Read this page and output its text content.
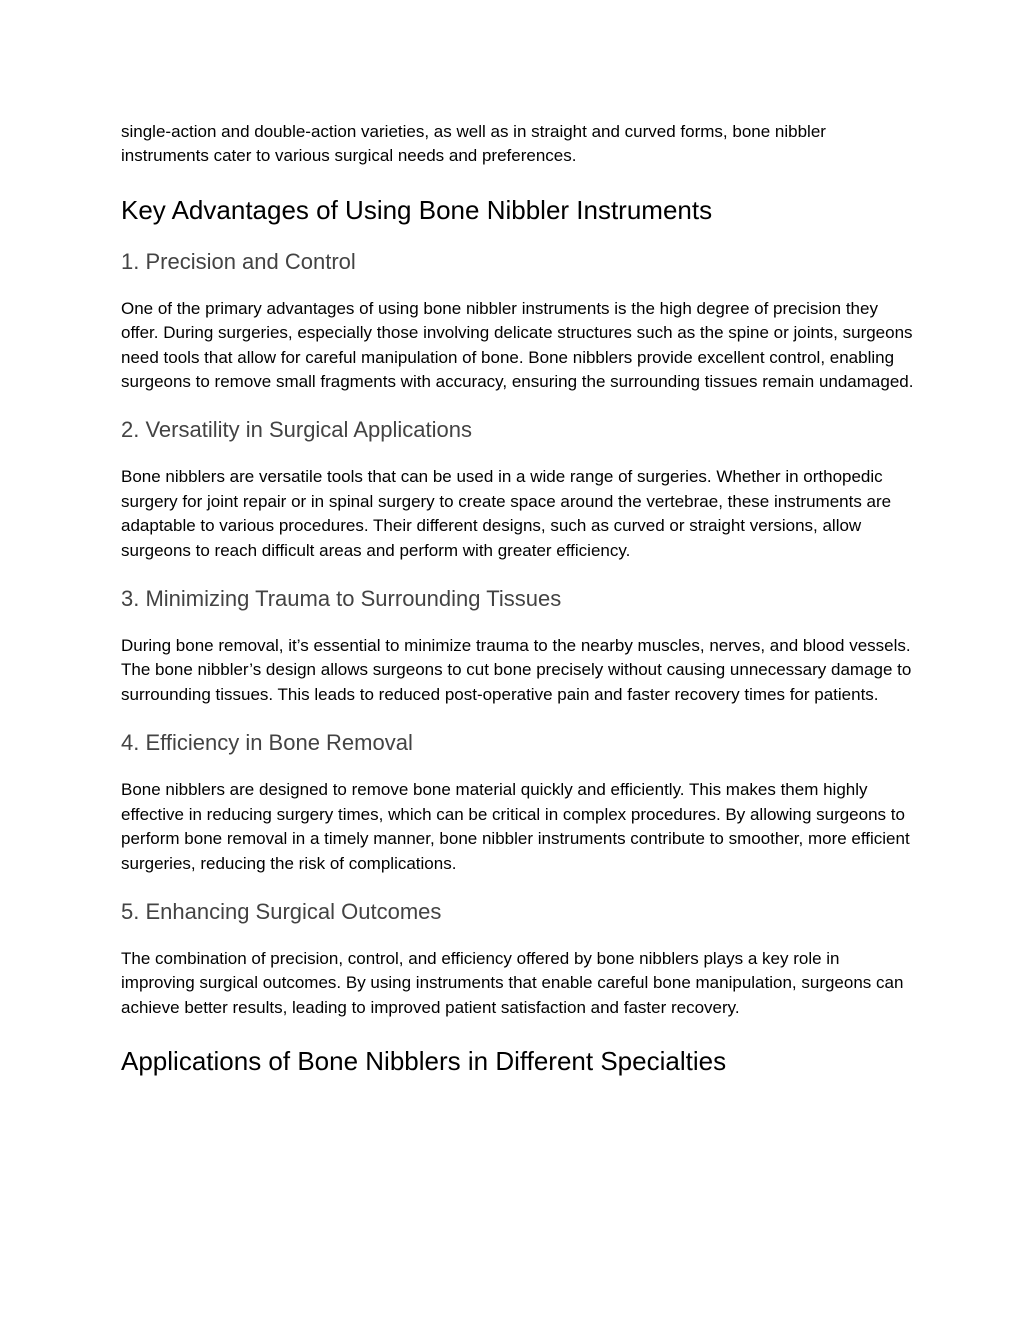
single-action and double-action varieties, as well as in straight and curved forms, bone nibbler instruments cater to various surgical needs and preferences.

Key Advantages of Using Bone Nibbler Instruments
1. Precision and Control

One of the primary advantages of using bone nibbler instruments is the high degree of precision they offer. During surgeries, especially those involving delicate structures such as the spine or joints, surgeons need tools that allow for careful manipulation of bone. Bone nibblers provide excellent control, enabling surgeons to remove small fragments with accuracy, ensuring the surrounding tissues remain undamaged.

2. Versatility in Surgical Applications

Bone nibblers are versatile tools that can be used in a wide range of surgeries. Whether in orthopedic surgery for joint repair or in spinal surgery to create space around the vertebrae, these instruments are adaptable to various procedures. Their different designs, such as curved or straight versions, allow surgeons to reach difficult areas and perform with greater efficiency.

3. Minimizing Trauma to Surrounding Tissues

During bone removal, it’s essential to minimize trauma to the nearby muscles, nerves, and blood vessels. The bone nibbler’s design allows surgeons to cut bone precisely without causing unnecessary damage to surrounding tissues. This leads to reduced post-operative pain and faster recovery times for patients.

4. Efficiency in Bone Removal

Bone nibblers are designed to remove bone material quickly and efficiently. This makes them highly effective in reducing surgery times, which can be critical in complex procedures. By allowing surgeons to perform bone removal in a timely manner, bone nibbler instruments contribute to smoother, more efficient surgeries, reducing the risk of complications.

5. Enhancing Surgical Outcomes

The combination of precision, control, and efficiency offered by bone nibblers plays a key role in improving surgical outcomes. By using instruments that enable careful bone manipulation, surgeons can achieve better results, leading to improved patient satisfaction and faster recovery.

Applications of Bone Nibblers in Different Specialties
